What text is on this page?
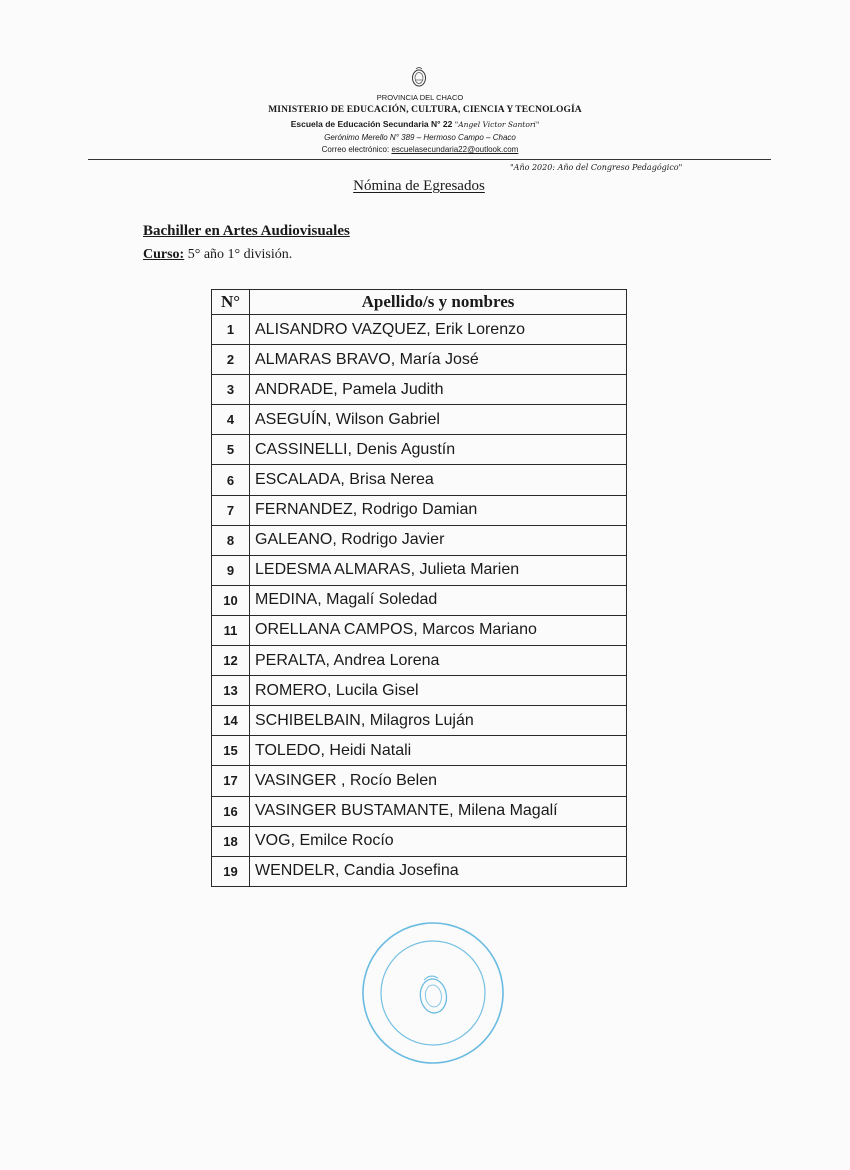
PROVINCIA DEL CHACO
MINISTERIO DE EDUCACIÓN, CULTURA, CIENCIA Y TECNOLOGÍA
Escuela de Educación Secundaria N° 22 "Angel Victor Santori"
Gerónimo Merello N° 389 – Hermoso Campo – Chaco
Correo electrónico: escuelasecundaria22@outlook.com
"Año 2020: Año del Congreso Pedagógico"
Nómina de Egresados
Bachiller en Artes Audiovisuales
Curso: 5° año 1° división.
N°	Apellido/s y nombres
1	ALISANDRO VAZQUEZ, Erik Lorenzo
2	ALMARAS BRAVO, María José
3	ANDRADE, Pamela Judith
4	ASEGUÍN, Wilson Gabriel
5	CASSINELLI, Denis Agustín
6	ESCALADA, Brisa Nerea
7	FERNANDEZ, Rodrigo Damian
8	GALEANO, Rodrigo Javier
9	LEDESMA ALMARAS, Julieta Marien
10	MEDINA, Magalí Soledad
11	ORELLANA CAMPOS, Marcos Mariano
12	PERALTA, Andrea Lorena
13	ROMERO, Lucila Gisel
14	SCHIBELBAIN, Milagros Luján
15	TOLEDO, Heidi Natali
17	VASINGER , Rocío Belen
16	VASINGER BUSTAMANTE, Milena Magalí
18	VOG, Emilce Rocío
19	WENDELR, Candia Josefina
